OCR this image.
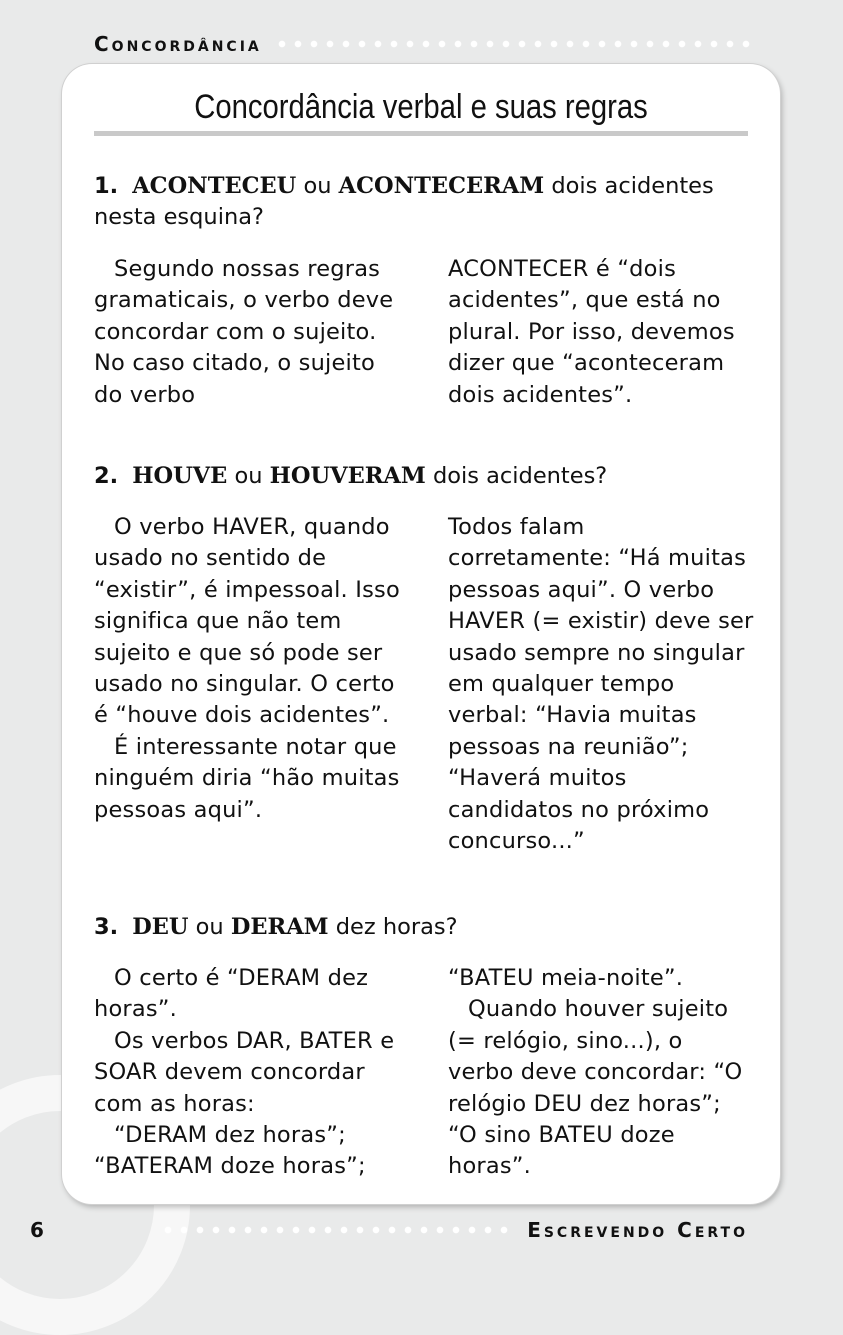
Concordância
Concordância verbal e suas regras
1. ACONTECEU ou ACONTECERAM dois acidentes nesta esquina?

Segundo nossas regras gramaticais, o verbo deve concordar com o sujeito. No caso citado, o sujeito do verbo

ACONTECER é “dois acidentes”, que está no plural. Por isso, devemos dizer que “aconteceram dois acidentes”.

2. HOUVE ou HOUVERAM dois acidentes?

O verbo HAVER, quando usado no sentido de “existir”, é impessoal. Isso significa que não tem sujeito e que só pode ser usado no singular. O certo é “houve dois acidentes”.

É interessante notar que ninguém diria “hão muitas pessoas aqui”.

Todos falam corretamente: “Há muitas pessoas aqui”. O verbo HAVER (= existir) deve ser usado sempre no singular em qualquer tempo verbal: “Havia muitas pessoas na reunião”; “Haverá muitos candidatos no próximo concurso...”

3. DEU ou DERAM dez horas?

O certo é “DERAM dez horas”.

Os verbos DAR, BATER e SOAR devem concordar com as horas:

“DERAM dez horas”; “BATERAM doze horas”;

“BATEU meia-noite”.

Quando houver sujeito (= relógio, sino...), o verbo deve concordar: “O relógio DEU dez horas”; “O sino BATEU doze horas”.

6	Escrevendo Certo
